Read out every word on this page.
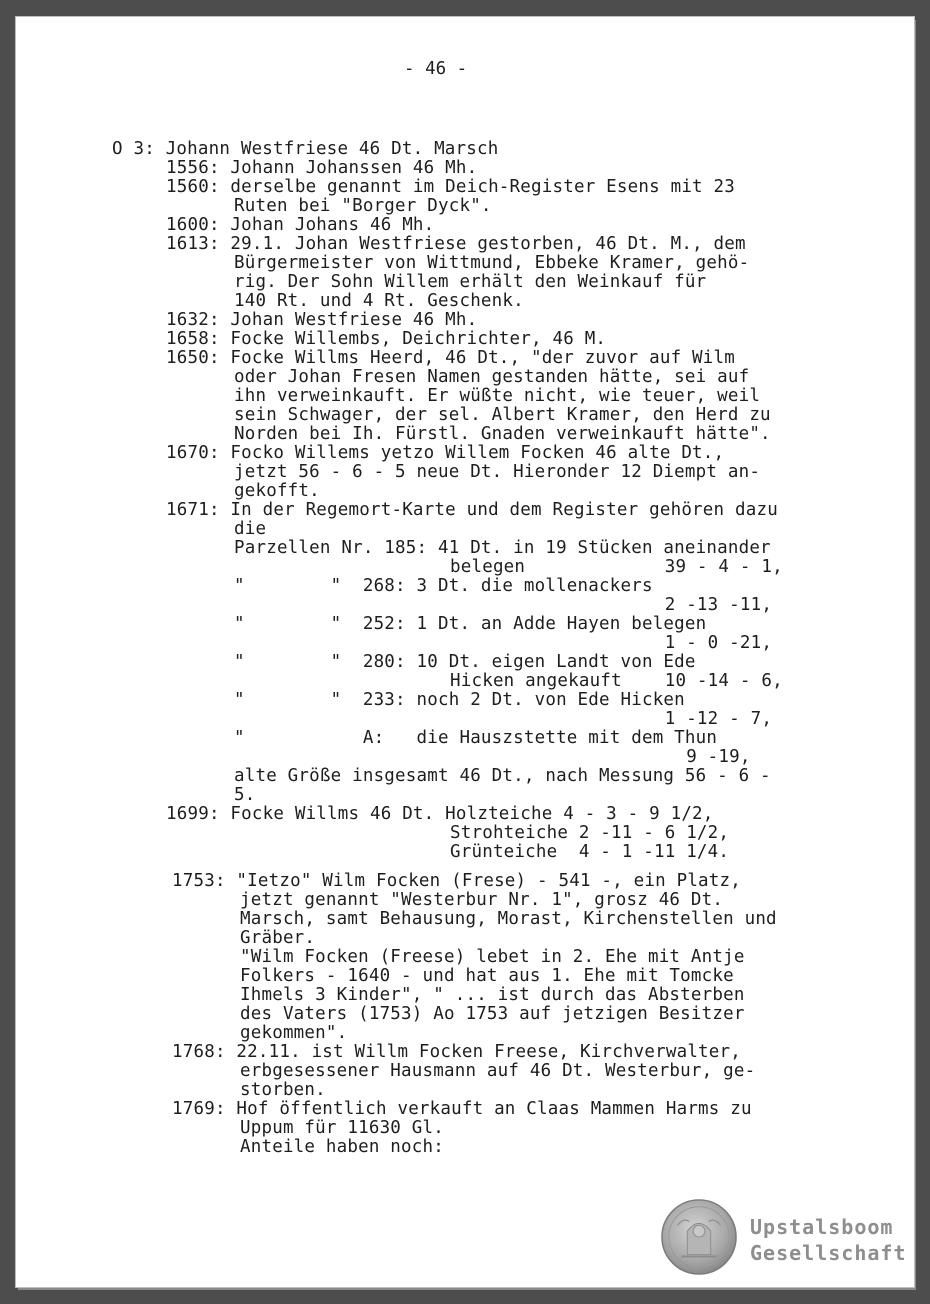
- 46 -
O 3: Johann Westfriese 46 Dt. Marsch
1556: Johann Johanssen 46 Mh.
1560: derselbe genannt im Deich-Register Esens mit 23
Ruten bei "Borger Dyck".
1600: Johan Johans 46 Mh.
1613: 29.1. Johan Westfriese gestorben, 46 Dt. M., dem
Bürgermeister von Wittmund, Ebbeke Kramer, gehö-
rig. Der Sohn Willem erhält den Weinkauf für
140 Rt. und 4 Rt. Geschenk.
1632: Johan Westfriese 46 Mh.
1658: Focke Willembs, Deichrichter, 46 M.
1650: Focke Willms Heerd, 46 Dt., "der zuvor auf Wilm
oder Johan Fresen Namen gestanden hätte, sei auf
ihn verweinkauft. Er wüßte nicht, wie teuer, weil
sein Schwager, der sel. Albert Kramer, den Herd zu
Norden bei Ih. Fürstl. Gnaden verweinkauft hätte".
1670: Focko Willems yetzo Willem Focken 46 alte Dt.,
jetzt 56 - 6 - 5 neue Dt. Hieronder 12 Diempt an-
gekofft.
1671: In der Regemort-Karte und dem Register gehören dazu
die
Parzellen Nr. 185: 41 Dt. in 19 Stücken aneinander
belegen             39 - 4 - 1,
"        "  268: 3 Dt. die mollenackers
2 -13 -11,
"        "  252: 1 Dt. an Adde Hayen belegen
1 - 0 -21,
"        "  280: 10 Dt. eigen Landt von Ede
Hicken angekauft    10 -14 - 6,
"        "  233: noch 2 Dt. von Ede Hicken
1 -12 - 7,
"           A:   die Hauszstette mit dem Thun
9 -19,
alte Größe insgesamt 46 Dt., nach Messung 56 - 6 -
5.
1699: Focke Willms 46 Dt. Holzteiche 4 - 3 - 9 1/2,
Strohteiche 2 -11 - 6 1/2,
Grünteiche  4 - 1 -11 1/4.
1753: "Ietzo" Wilm Focken (Frese) - 541 -, ein Platz,
jetzt genannt "Westerbur Nr. 1", grosz 46 Dt.
Marsch, samt Behausung, Morast, Kirchenstellen und
Gräber.
"Wilm Focken (Freese) lebet in 2. Ehe mit Antje
Folkers - 1640 - und hat aus 1. Ehe mit Tomcke
Ihmels 3 Kinder", " ... ist durch das Absterben
des Vaters (1753) Ao 1753 auf jetzigen Besitzer
gekommen".
1768: 22.11. ist Willm Focken Freese, Kirchverwalter,
erbgesessener Hausmann auf 46 Dt. Westerbur, ge-
storben.
1769: Hof öffentlich verkauft an Claas Mammen Harms zu
Uppum für 11630 Gl.
Anteile haben noch:
Upstalsboom
Gesellschaft
